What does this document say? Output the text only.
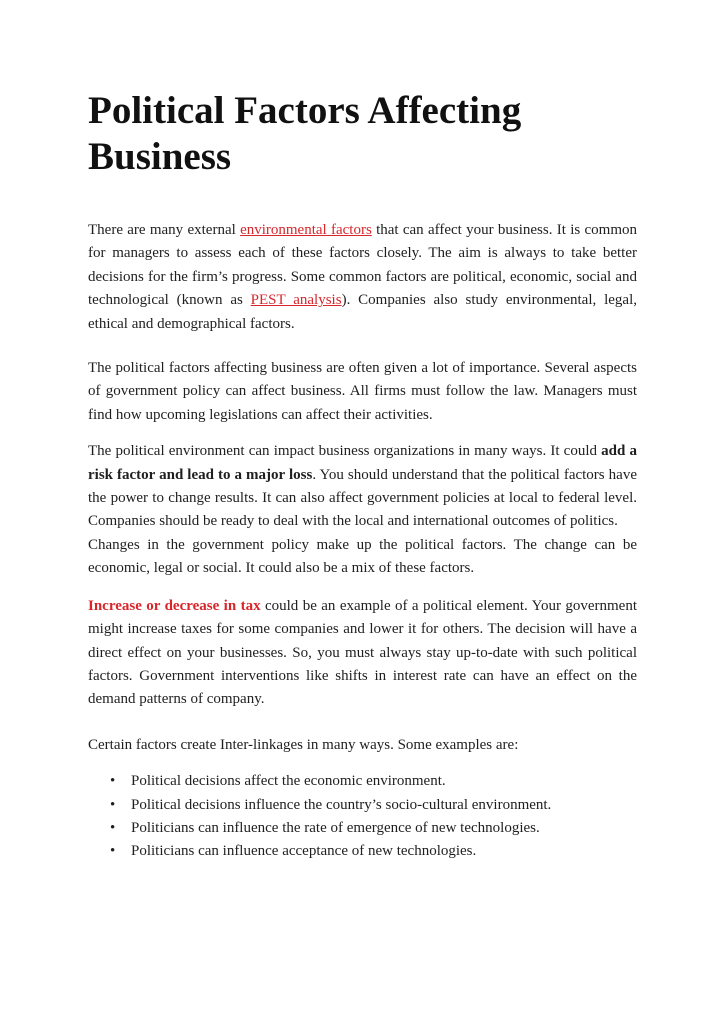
Political Factors Affecting Business

There are many external environmental factors that can affect your business. It is common for managers to assess each of these factors closely. The aim is always to take better decisions for the firm’s progress. Some common factors are political, economic, social and technological (known as PEST analysis). Companies also study environmental, legal, ethical and demographical factors.

The political factors affecting business are often given a lot of importance. Several aspects of government policy can affect business. All firms must follow the law. Managers must find how upcoming legislations can affect their activities.

The political environment can impact business organizations in many ways. It could add a risk factor and lead to a major loss. You should understand that the political factors have the power to change results. It can also affect government policies at local to federal level. Companies should be ready to deal with the local and international outcomes of politics.

Changes in the government policy make up the political factors. The change can be economic, legal or social. It could also be a mix of these factors.

Increase or decrease in tax could be an example of a political element. Your government might increase taxes for some companies and lower it for others. The decision will have a direct effect on your businesses. So, you must always stay up-to-date with such political factors. Government interventions like shifts in interest rate can have an effect on the demand patterns of company.

Certain factors create Inter-linkages in many ways. Some examples are:

• Political decisions affect the economic environment.
• Political decisions influence the country’s socio-cultural environment.
• Politicians can influence the rate of emergence of new technologies.
• Politicians can influence acceptance of new technologies.
